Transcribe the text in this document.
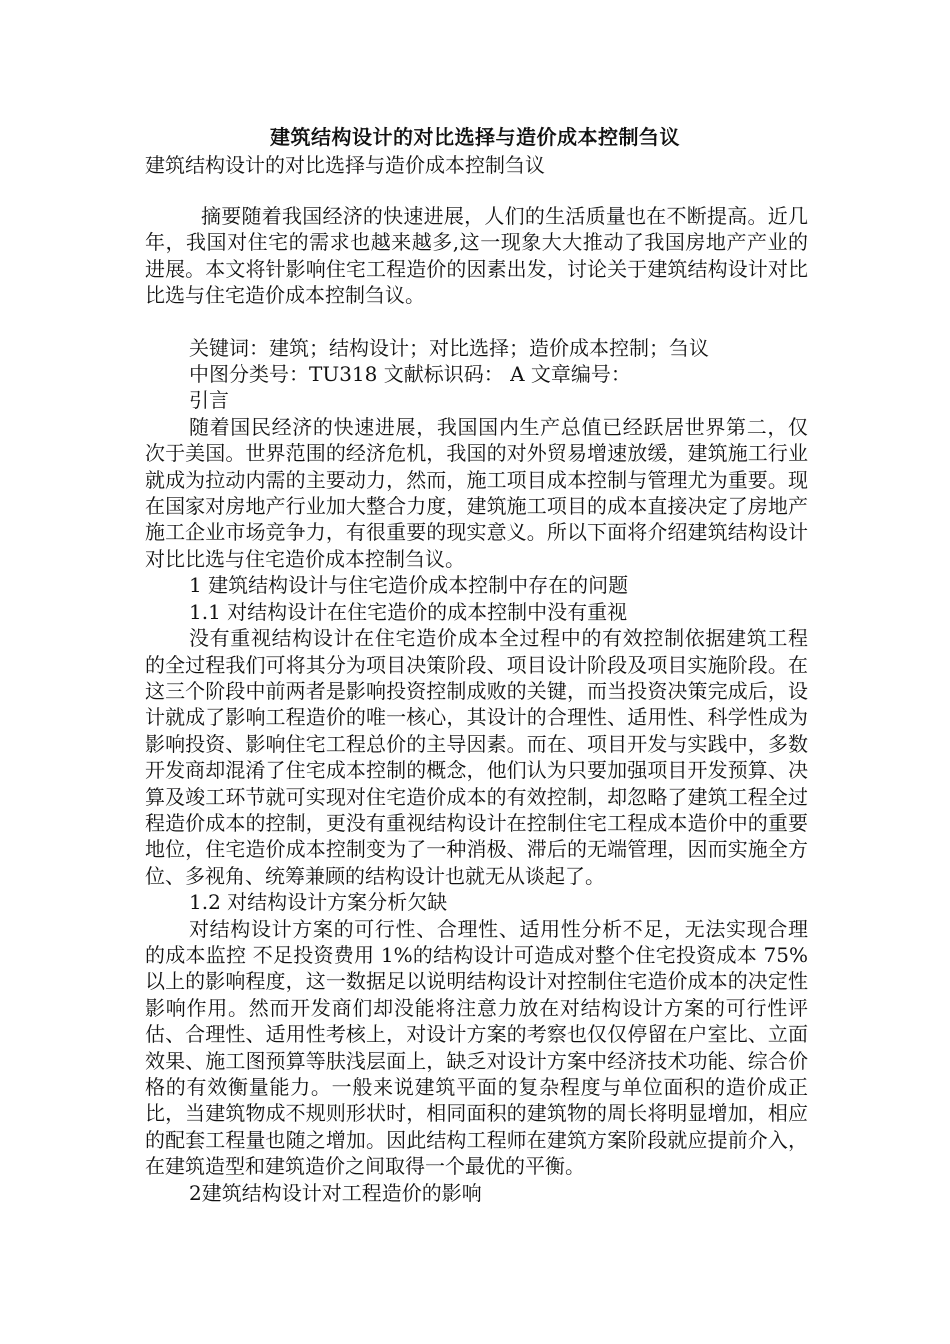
建筑结构设计的对比选择与造价成本控制刍议
建筑结构设计的对比选择与造价成本控制刍议

摘要随着我国经济的快速进展，人们的生活质量也在不断提高。近几年，我国对住宅的需求也越来越多,这一现象大大推动了我国房地产产业的进展。本文将针影响住宅工程造价的因素出发，讨论关于建筑结构设计对比比选与住宅造价成本控制刍议。

关键词：建筑；结构设计；对比选择；造价成本控制；刍议

中图分类号：TU318 文献标识码： A 文章编号：

引言

随着国民经济的快速进展，我国国内生产总值已经跃居世界第二，仅次于美国。世界范围的经济危机，我国的对外贸易增速放缓，建筑施工行业就成为拉动内需的主要动力，然而，施工项目成本控制与管理尤为重要。现在国家对房地产行业加大整合力度，建筑施工项目的成本直接决定了房地产施工企业市场竞争力，有很重要的现实意义。所以下面将介绍建筑结构设计对比比选与住宅造价成本控制刍议。

1 建筑结构设计与住宅造价成本控制中存在的问题

1.1 对结构设计在住宅造价的成本控制中没有重视

没有重视结构设计在住宅造价成本全过程中的有效控制依据建筑工程的全过程我们可将其分为项目决策阶段、项目设计阶段及项目实施阶段。在这三个阶段中前两者是影响投资控制成败的关键，而当投资决策完成后，设计就成了影响工程造价的唯一核心，其设计的合理性、适用性、科学性成为影响投资、影响住宅工程总价的主导因素。而在、项目开发与实践中，多数开发商却混淆了住宅成本控制的概念，他们认为只要加强项目开发预算、决算及竣工环节就可实现对住宅造价成本的有效控制，却忽略了建筑工程全过程造价成本的控制，更没有重视结构设计在控制住宅工程成本造价中的重要地位，住宅造价成本控制变为了一种消极、滞后的无端管理，因而实施全方位、多视角、统筹兼顾的结构设计也就无从谈起了。

1.2 对结构设计方案分析欠缺

对结构设计方案的可行性、合理性、适用性分析不足，无法实现合理的成本监控 不足投资费用 1%的结构设计可造成对整个住宅投资成本 75%以上的影响程度，这一数据足以说明结构设计对控制住宅造价成本的决定性影响作用。然而开发商们却没能将注意力放在对结构设计方案的可行性评估、合理性、适用性考核上，对设计方案的考察也仅仅停留在户室比、立面效果、施工图预算等肤浅层面上，缺乏对设计方案中经济技术功能、综合价格的有效衡量能力。一般来说建筑平面的复杂程度与单位面积的造价成正比，当建筑物成不规则形状时，相同面积的建筑物的周长将明显增加，相应的配套工程量也随之增加。因此结构工程师在建筑方案阶段就应提前介入，在建筑造型和建筑造价之间取得一个最优的平衡。

2建筑结构设计对工程造价的影响
